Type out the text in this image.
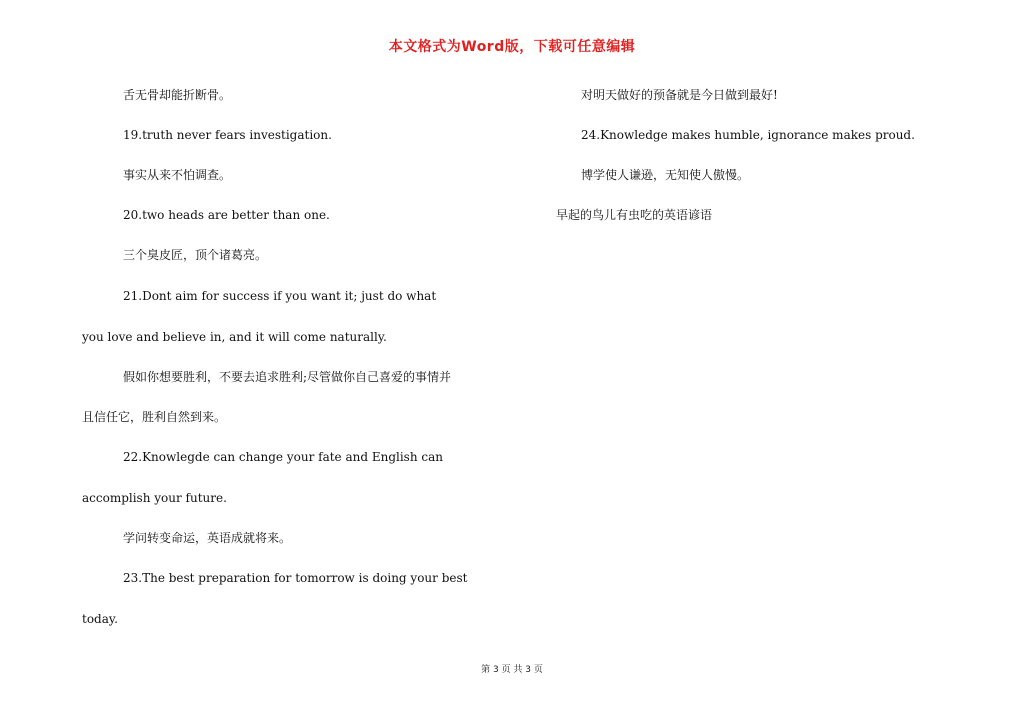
本文格式为Word版，下载可任意编辑
舌无骨却能折断骨。
19.truth never fears investigation.
事实从来不怕调查。
20.two heads are better than one.
三个臭皮匠，顶个诸葛亮。
21.Dont aim for success if you want it; just do what
you love and believe in, and it will come naturally.
假如你想要胜利，不要去追求胜利;尽管做你自己喜爱的事情并
且信任它，胜利自然到来。
22.Knowlegde can change your fate and English can
accomplish your future.
学问转变命运，英语成就将来。
23.The best preparation for tomorrow is doing your best
today.
对明天做好的预备就是今日做到最好!
24.Knowledge makes humble, ignorance makes proud.
博学使人谦逊，无知使人傲慢。
早起的鸟儿有虫吃的英语谚语
第 3 页 共 3 页
